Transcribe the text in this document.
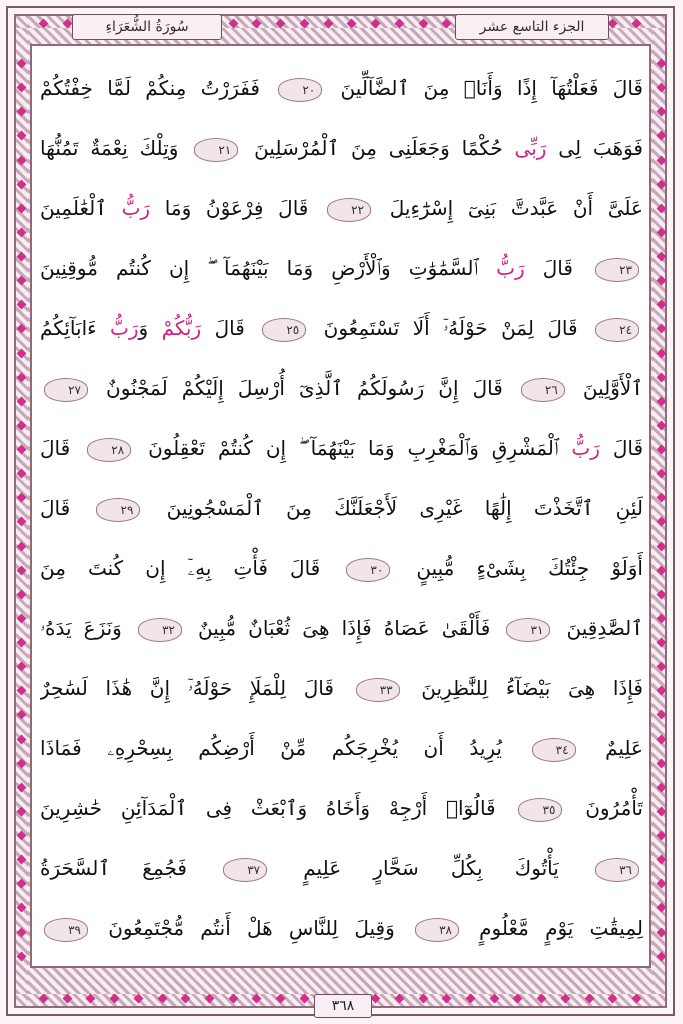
سُورَةُ الشُّعَرَاءِ	الجزء التاسع عشر
قَالَ فَعَلْتُهَآ إِذًا وَأَنَا۠ مِنَ ٱلضَّآلِّينَ ٢٠ فَفَرَرْتُ مِنكُمْ لَمَّا خِفْتُكُمْ
فَوَهَبَ لِى رَبِّى حُكْمًا وَجَعَلَنِى مِنَ ٱلْمُرْسَلِينَ ٢١ وَتِلْكَ نِعْمَةٌ تَمُنُّهَا
عَلَىَّ أَنْ عَبَّدتَّ بَنِىٓ إِسْرَٰٓءِيلَ ٢٢ قَالَ فِرْعَوْنُ وَمَا رَبُّ ٱلْعَٰلَمِينَ
٢٣ قَالَ رَبُّ ٱلسَّمَٰوَٰتِ وَٱلْأَرْضِ وَمَا بَيْنَهُمَآ ۖ إِن كُنتُم مُّوقِنِينَ
٢٤ قَالَ لِمَنْ حَوْلَهُۥٓ أَلَا تَسْتَمِعُونَ ٢٥ قَالَ رَبُّكُمْ وَرَبُّ ءَابَآئِكُمُ
ٱلْأَوَّلِينَ ٢٦ قَالَ إِنَّ رَسُولَكُمُ ٱلَّذِىٓ أُرْسِلَ إِلَيْكُمْ لَمَجْنُونٌ ٢٧
قَالَ رَبُّ ٱلْمَشْرِقِ وَٱلْمَغْرِبِ وَمَا بَيْنَهُمَآ ۖ إِن كُنتُمْ تَعْقِلُونَ ٢٨ قَالَ
لَئِنِ ٱتَّخَذْتَ إِلَٰهًا غَيْرِى لَأَجْعَلَنَّكَ مِنَ ٱلْمَسْجُونِينَ ٢٩ قَالَ
أَوَلَوْ جِئْتُكَ بِشَىْءٍ مُّبِينٍ ٣٠ قَالَ فَأْتِ بِهِۦٓ إِن كُنتَ مِنَ
ٱلصَّٰدِقِينَ ٣١ فَأَلْقَىٰ عَصَاهُ فَإِذَا هِىَ ثُعْبَانٌ مُّبِينٌ ٣٢ وَنَزَعَ يَدَهُۥ
فَإِذَا هِىَ بَيْضَآءُ لِلنَّٰظِرِينَ ٣٣ قَالَ لِلْمَلَإِ حَوْلَهُۥٓ إِنَّ هَٰذَا لَسَٰحِرٌ
عَلِيمٌ ٣٤ يُرِيدُ أَن يُخْرِجَكُم مِّنْ أَرْضِكُم بِسِحْرِهِۦ فَمَاذَا
تَأْمُرُونَ ٣٥ قَالُوٓا۟ أَرْجِهْ وَأَخَاهُ وَٱبْعَثْ فِى ٱلْمَدَآئِنِ حَٰشِرِينَ
٣٦ يَأْتُوكَ بِكُلِّ سَحَّارٍ عَلِيمٍ ٣٧ فَجُمِعَ ٱلسَّحَرَةُ
لِمِيقَٰتِ يَوْمٍ مَّعْلُومٍ ٣٨ وَقِيلَ لِلنَّاسِ هَلْ أَنتُم مُّجْتَمِعُونَ ٣٩
٣٦٨
